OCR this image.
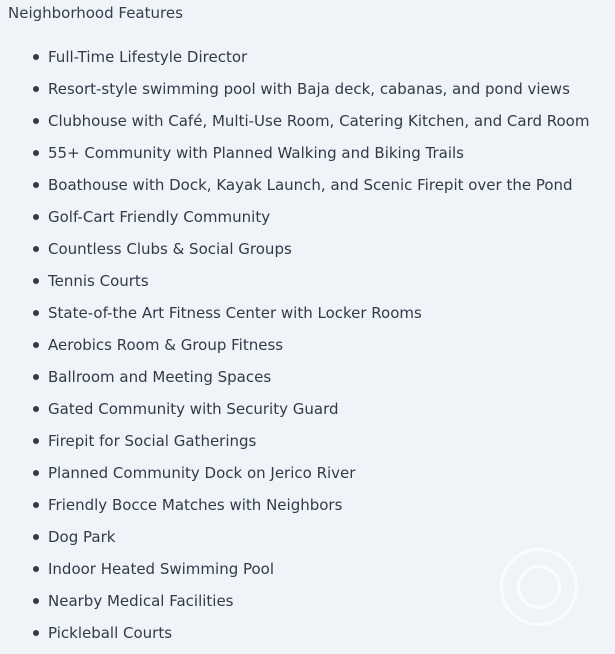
Neighborhood Features
Full-Time Lifestyle Director
Resort-style swimming pool with Baja deck, cabanas, and pond views
Clubhouse with Café, Multi-Use Room, Catering Kitchen, and Card Room
55+ Community with Planned Walking and Biking Trails
Boathouse with Dock, Kayak Launch, and Scenic Firepit over the Pond
Golf-Cart Friendly Community
Countless Clubs & Social Groups
Tennis Courts
State-of-the Art Fitness Center with Locker Rooms
Aerobics Room & Group Fitness
Ballroom and Meeting Spaces
Gated Community with Security Guard
Firepit for Social Gatherings
Planned Community Dock on Jerico River
Friendly Bocce Matches with Neighbors
Dog Park
Indoor Heated Swimming Pool
Nearby Medical Facilities
Pickleball Courts
